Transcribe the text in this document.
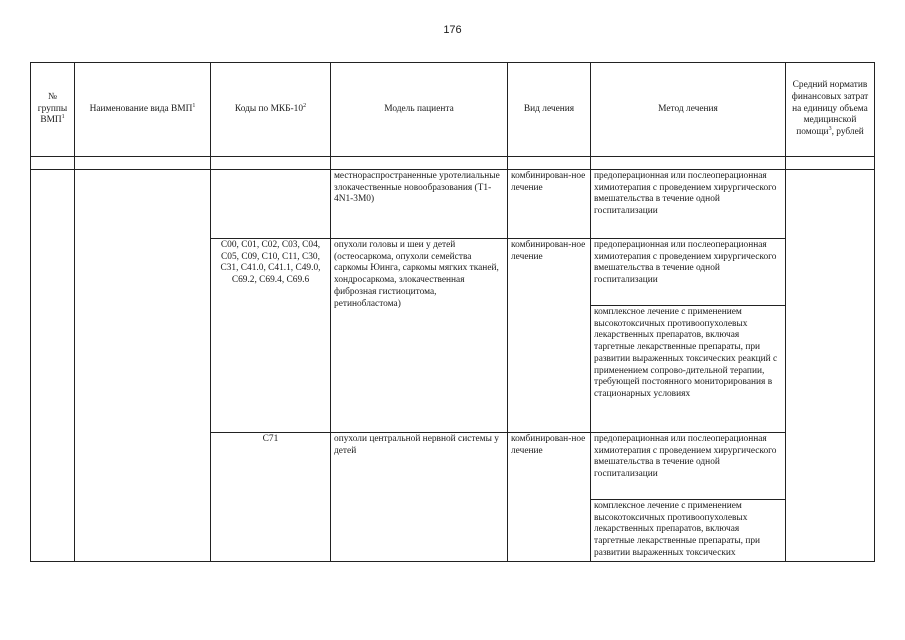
176
№ группы ВМП$^1$	Наименование вида ВМП$^1$	Коды по МКБ-$10^2$	Модель пациента	Вид лечения	Метод лечения	Средний норматив финансовых затрат на единицу объема медицинской помощи$^3$, рублей

			местнораспространенные уротелиальные злокачественные новообразования (T1-4N1-3M0)	комбинирован-ное лечение	предоперационная или послеоперационная химиотерапия с проведением хирургического вмешательства в течение одной госпитализации	
		C00, C01, C02, C03, C04, C05, C09, C10, C11, C30, C31, C41.0, C41.1, C49.0, C69.2, C69.4, C69.6	опухоли головы и шеи у детей (остеосаркома, опухоли семейства саркомы Юинга, саркомы мягких тканей, хондросаркома, злокачественная фиброзная гистиоцитома, ретинобластома)	комбинирован-ное лечение	предоперационная или послеоперационная химиотерапия с проведением хирургического вмешательства в течение одной госпитализации	
					комплексное лечение с применением высокотоксичных противоопухолевых лекарственных препаратов, включая таргетные лекарственные препараты, при развитии выраженных токсических реакций с применением сопрово-дительной терапии, требующей постоянного мониторирования в стационарных условиях	
		C71	опухоли центральной нервной системы у детей	комбинирован-ное лечение	предоперационная или послеоперационная химиотерапия с проведением хирургического вмешательства в течение одной госпитализации	
					комплексное лечение с применением высокотоксичных противоопухолевых лекарственных препаратов, включая таргетные лекарственные препараты, при развитии выраженных токсических	
